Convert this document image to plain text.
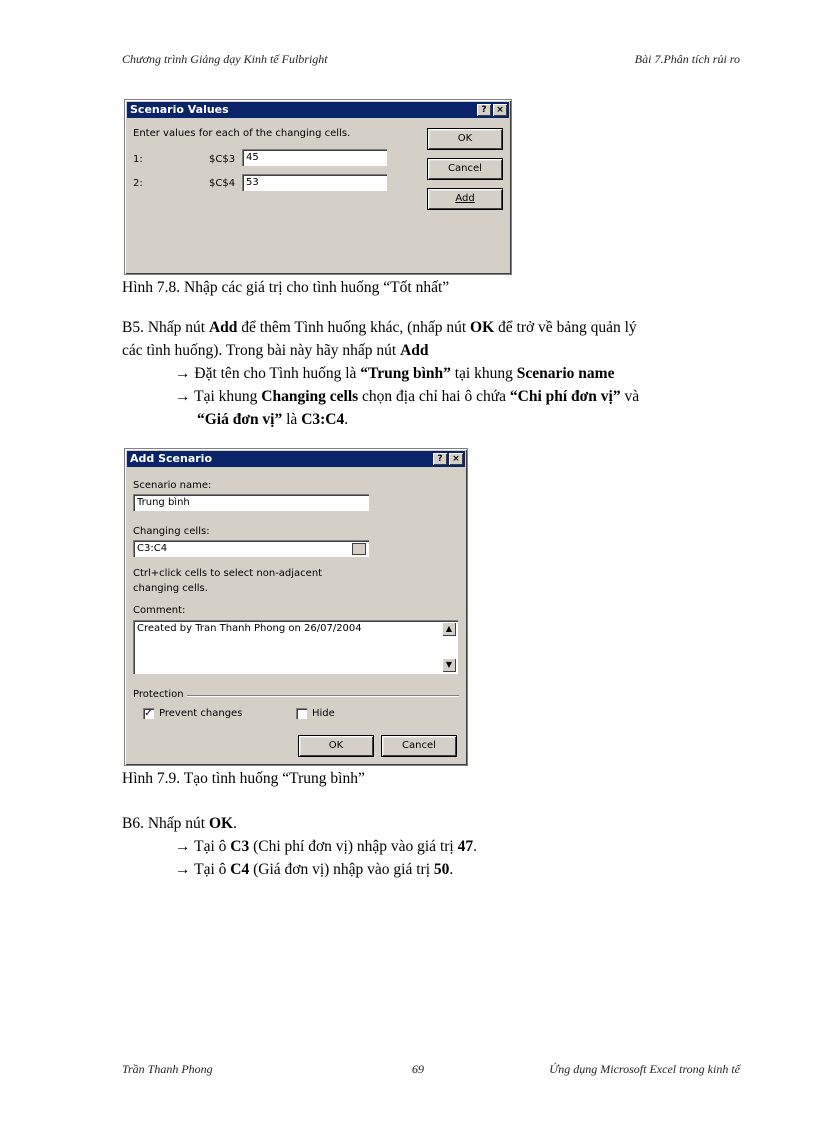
Chương trình Giảng dạy Kinh tế Fulbright	Bài 7.Phân tích rủi ro
Scenario Values	?	×
Enter values for each of the changing cells.
1:	$C$3	45
2:	$C$4	53
OK
Cancel
Add
Hình 7.8. Nhập các giá trị cho tình huống “Tốt nhất”
B5. Nhấp nút Add để thêm Tình huống khác, (nhấp nút OK để trở về bảng quản lý
các tình huống). Trong bài này hãy nhấp nút Add
→ Đặt tên cho Tình huống là “Trung bình” tại khung Scenario name
→ Tại khung Changing cells chọn địa chỉ hai ô chứa “Chi phí đơn vị” và
“Giá đơn vị” là C3:C4.
Add Scenario	?	×
Scenario name:
Trung bình
Changing cells:
C3:C4
Ctrl+click cells to select non-adjacent
changing cells.
Comment:
Created by Tran Thanh Phong on 26/07/2004	▲
▼
Protection
✓ Prevent changes	Hide
OK	Cancel
Hình 7.9. Tạo tình huống “Trung bình”
B6. Nhấp nút OK.
→ Tại ô C3 (Chi phí đơn vị) nhập vào giá trị 47.
→ Tại ô C4 (Giá đơn vị) nhập vào giá trị 50.
Trần Thanh Phong	69	Ứng dụng Microsoft Excel trong kinh tế
